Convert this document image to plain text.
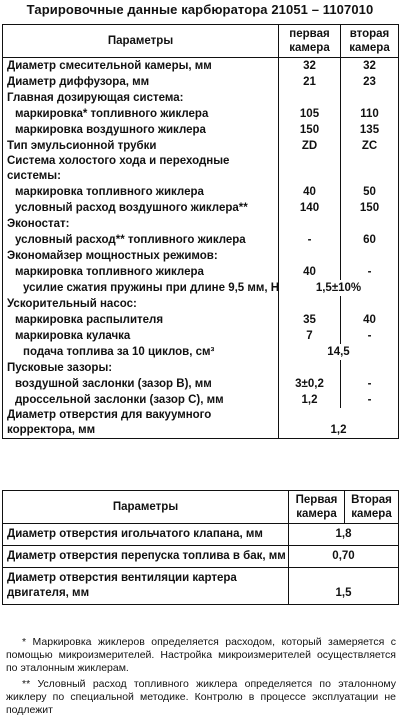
Тарировочные данные карбюратора 21051 – 1107010
Параметры	первая камера	вторая камера
Диаметр смесительной камеры, мм	32	32
Диаметр диффузора, мм	21	23
Главная дозирующая система:		
маркировка* топливного жиклера	105	110
маркировка воздушного жиклера	150	135
Тип эмульсионной трубки	ZD	ZC
Система холостого хода и переходные системы:		
маркировка топливного жиклера	40	50
условный расход воздушного жиклера**	140	150
Эконостат:		
условный расход** топливного жиклера	-	60
Экономайзер мощностных режимов:		
маркировка топливного жиклера	40	-
усилие сжатия пружины при длине 9,5 мм, Н	1,5±10%	
Ускорительный насос:		
маркировка распылителя	35	40
маркировка кулачка	7	-
подача топлива за 10 циклов, см³	14,5	
Пусковые зазоры:		
воздушной заслонки (зазор B), мм	3±0,2	-
дроссельной заслонки (зазор C), мм	1,2	-
Диаметр отверстия для вакуумного корректора, мм	1,2	
Параметры	Первая камера	Вторая камера
Диаметр отверстия игольчатого клапана, мм	1,8	
Диаметр отверстия перепуска топлива в бак, мм	0,70	
Диаметр отверстия вентиляции картера двигателя, мм	1,5	

* Маркировка жиклеров определяется расходом, который замеряется с помощью микроизмерителей. Настройка микроизмерителей осуществляется по эталонным жиклерам.

** Условный расход топливного жиклера определяется по эталонному жиклеру по специальной методике. Контролю в процессе эксплуатации не подлежит
